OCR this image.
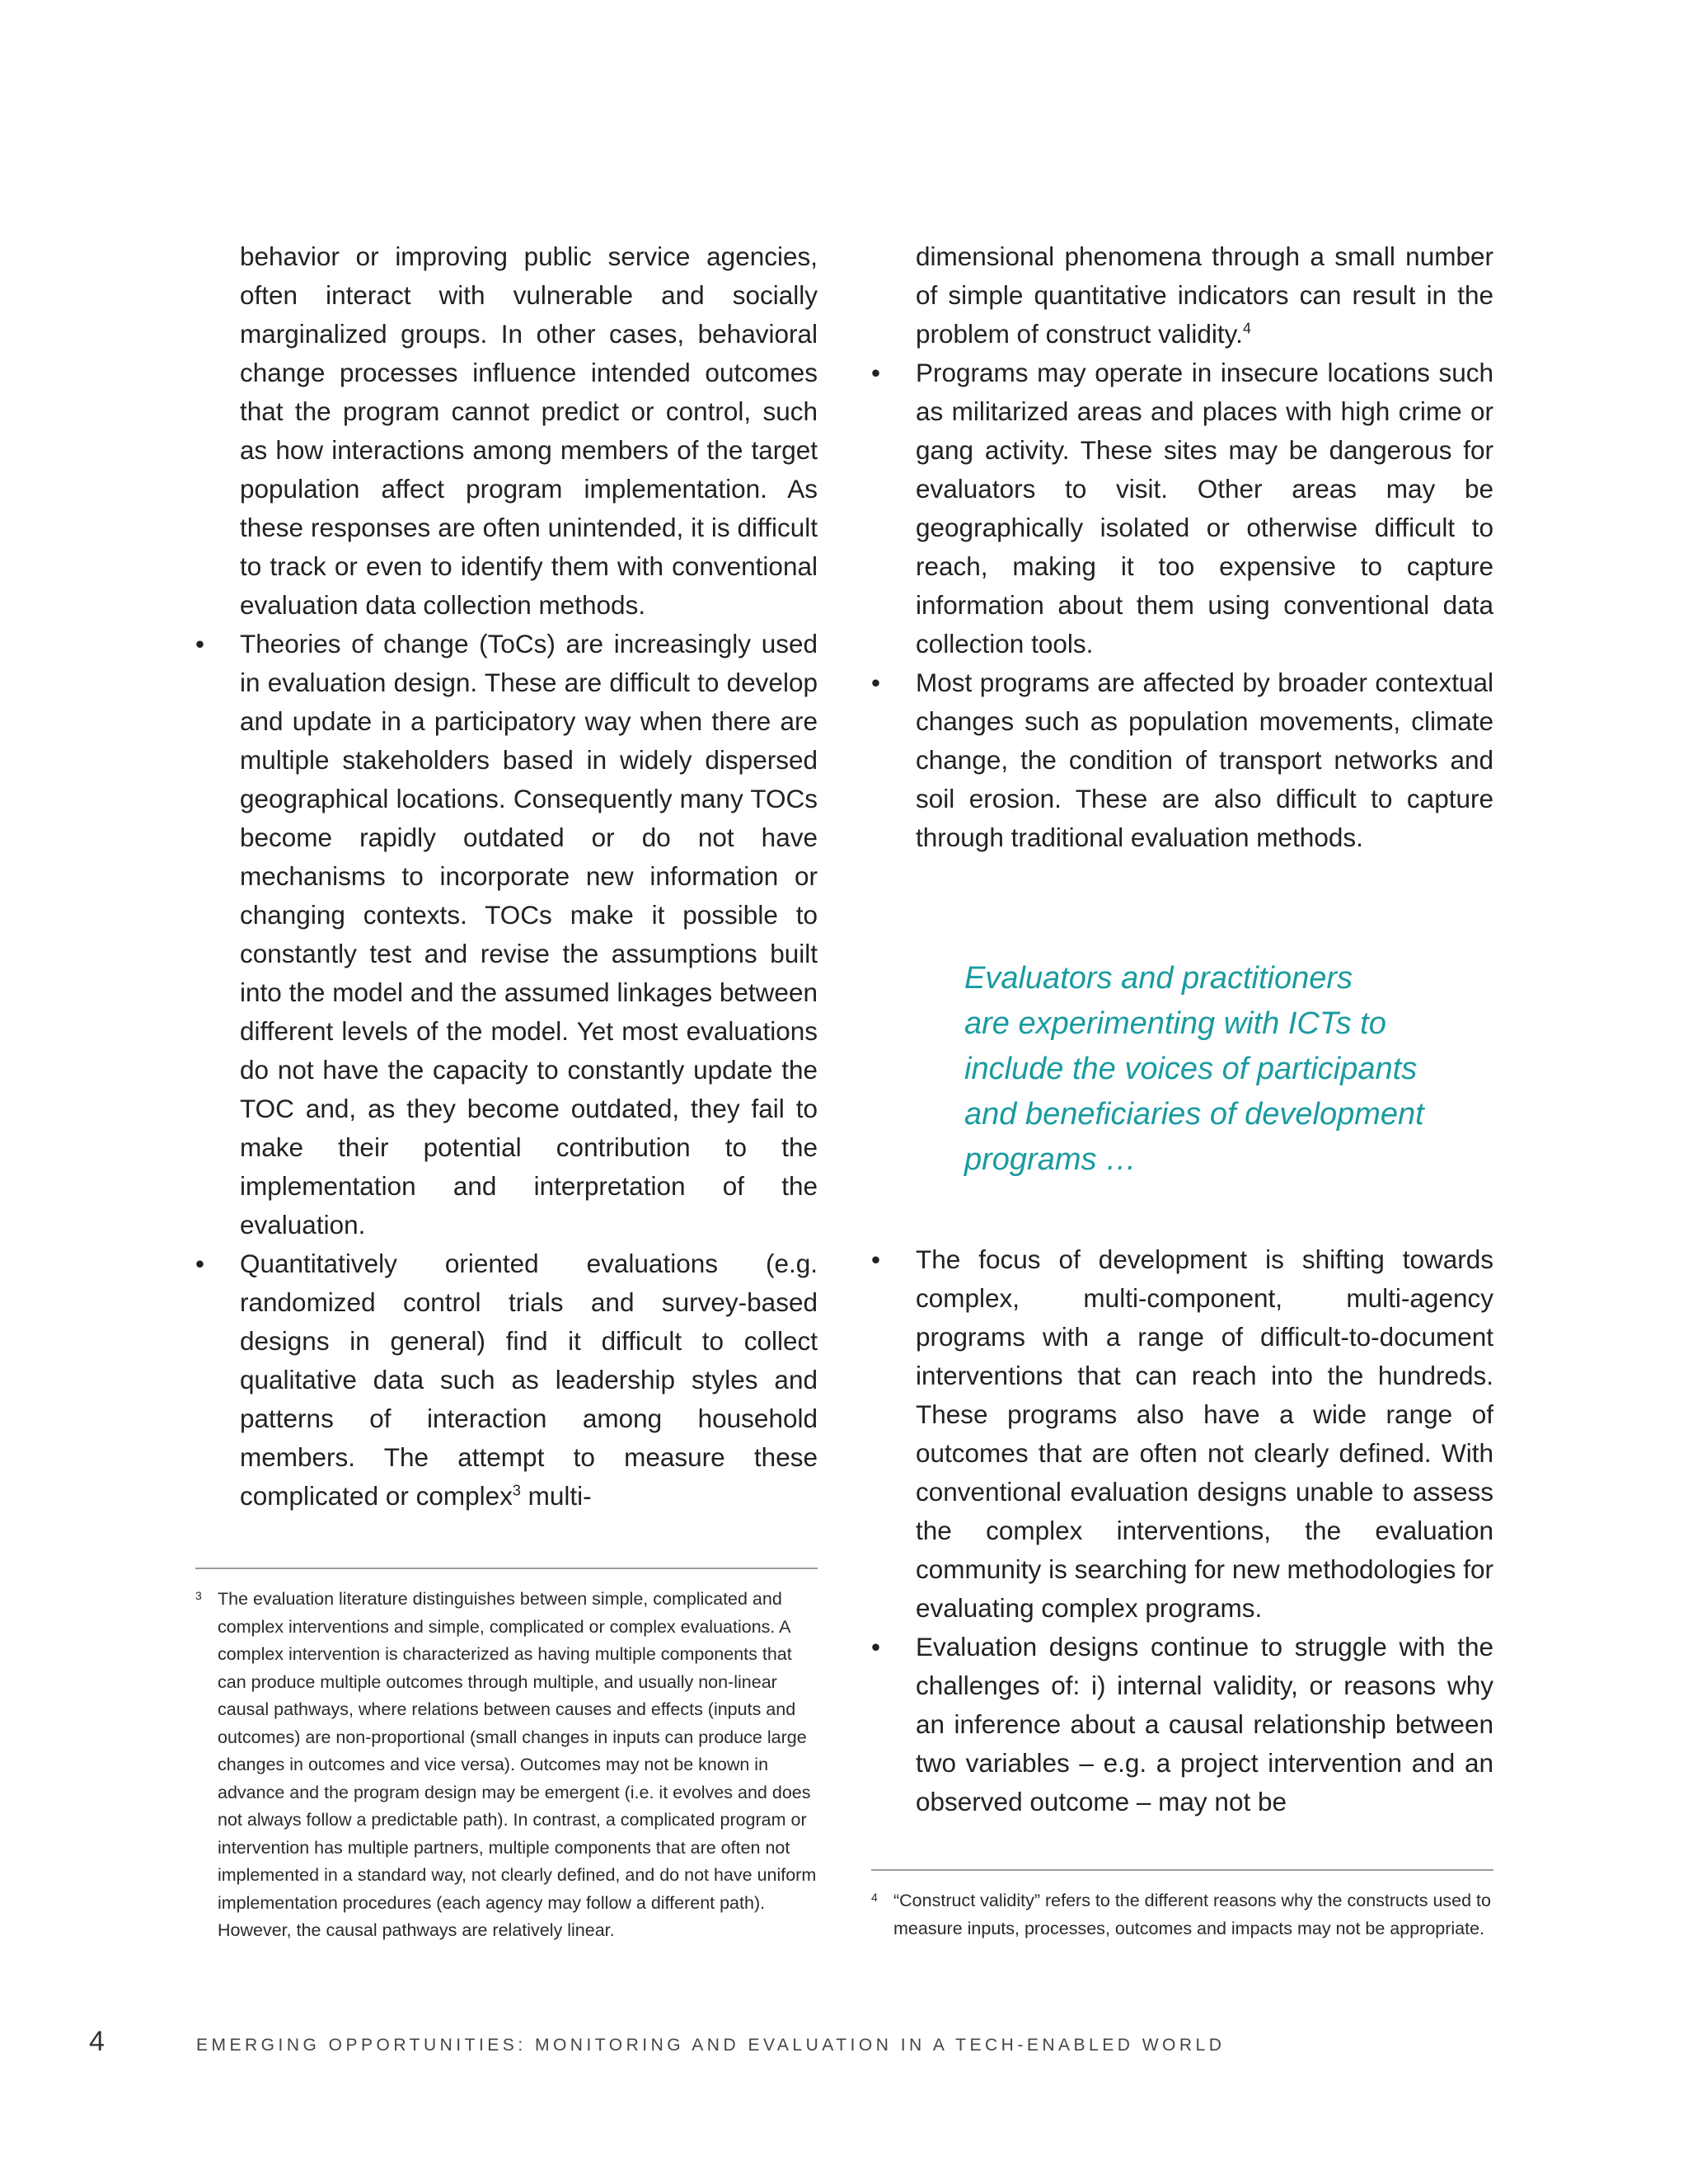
behavior or improving public service agencies, often interact with vulnerable and socially marginalized groups. In other cases, behavioral change processes influence intended outcomes that the program cannot predict or control, such as how interactions among members of the target population affect program implementation. As these responses are often unintended, it is difficult to track or even to identify them with conventional evaluation data collection methods.

•	Theories of change (ToCs) are increasingly used in evaluation design. These are difficult to develop and update in a participatory way when there are multiple stakeholders based in widely dispersed geographical locations. Consequently many TOCs become rapidly outdated or do not have mechanisms to incorporate new information or changing contexts. TOCs make it possible to constantly test and revise the assumptions built into the model and the assumed linkages between different levels of the model. Yet most evaluations do not have the capacity to constantly update the TOC and, as they become outdated, they fail to make their potential contribution to the implementation and interpretation of the evaluation.

•	Quantitatively oriented evaluations (e.g. randomized control trials and survey-based designs in general) find it difficult to collect qualitative data such as leadership styles and patterns of interaction among household members. The attempt to measure these complicated or complex$^3$ multi-

dimensional phenomena through a small number of simple quantitative indicators can result in the problem of construct validity.$^4$

•	Programs may operate in insecure locations such as militarized areas and places with high crime or gang activity. These sites may be dangerous for evaluators to visit. Other areas may be geographically isolated or otherwise difficult to reach, making it too expensive to capture information about them using conventional data collection tools.

•	Most programs are affected by broader contextual changes such as population movements, climate change, the condition of transport networks and soil erosion. These are also difficult to capture through traditional evaluation methods.

Evaluators and practitioners

are experimenting with ICTs to

include the voices of participants

and beneficiaries of development

programs …

•	The focus of development is shifting towards complex, multi-component, multi-agency programs with a range of difficult-to-document interventions that can reach into the hundreds. These programs also have a wide range of outcomes that are often not clearly defined. With conventional evaluation designs unable to assess the complex interventions, the evaluation community is searching for new methodologies for evaluating complex programs.

•	Evaluation designs continue to struggle with the challenges of: i) internal validity, or reasons why an inference about a causal relationship between two variables – e.g. a project intervention and an observed outcome – may not be

3 The evaluation literature distinguishes between simple, complicated and complex interventions and simple, complicated or complex evaluations. A complex intervention is characterized as having multiple components that can produce multiple outcomes through multiple, and usually non-linear causal pathways, where relations between causes and effects (inputs and outcomes) are non-proportional (small changes in inputs can produce large changes in outcomes and vice versa). Outcomes may not be known in advance and the program design may be emergent (i.e. it evolves and does not always follow a predictable path). In contrast, a complicated program or intervention has multiple partners, multiple components that are often not implemented in a standard way, not clearly defined, and do not have uniform implementation procedures (each agency may follow a different path). However, the causal pathways are relatively linear.
4 “Construct validity” refers to the different reasons why the constructs used to measure inputs, processes, outcomes and impacts may not be appropriate.
4	EMERGING OPPORTUNITIES: MONITORING AND EVALUATION IN A TECH-ENABLED WORLD
